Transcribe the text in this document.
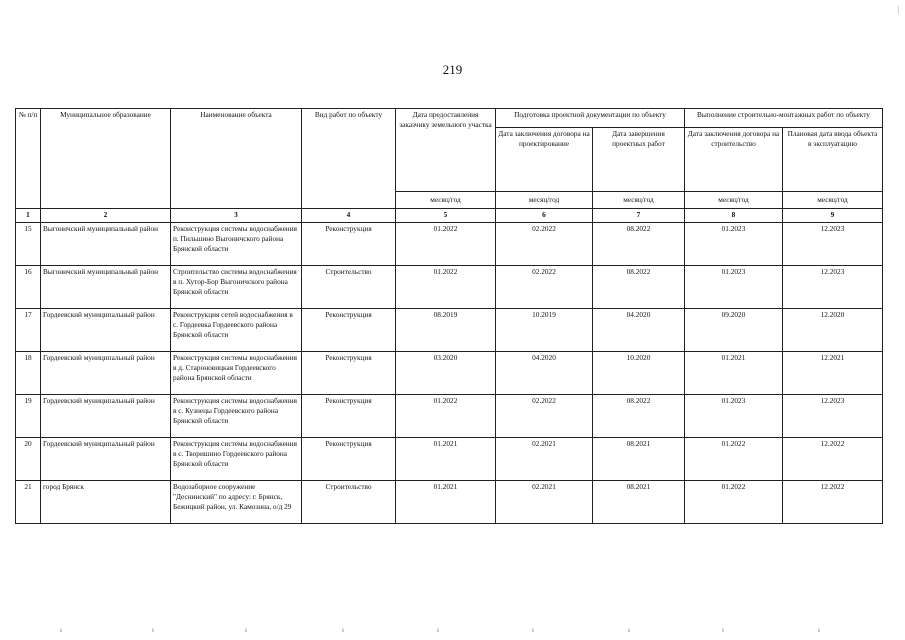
|
219
№ п/п	Муниципальное образование	Наименование объекта	Вид работ по объекту	Дата предоставления заказчику земельного участка	Подготовка проектной документации по объекту		Выполнение строительно-монтажных работ по объекту	
					Дата заключения договора на проектирование	Дата завершения проектных работ	Дата заключения договора на строительство	Плановая дата ввода объекта в эксплуатацию
				месяц/год	месяц/год	месяц/год	месяц/год	месяц/год
1	2	3	4	5	6	7	8	9
15	Выгоничский муниципальный район	Реконструкция системы водоснабжения п. Пильшино Выгоничского района Брянской области	Реконструкция	01.2022	02.2022	08.2022	01.2023	12.2023
16	Выгоничский муниципальный район	Строительство системы водоснабжения в п. Хутор-Бор Выгоничского района Брянской области	Строительство	01.2022	02.2022	08.2022	01.2023	12.2023
17	Гордеевский муниципальный район	Реконструкция сетей водоснабжения в с. Гордеевка Гордеевского района Брянской области	Реконструкция	08.2019	10.2019	04.2020	09.2020	12.2020
18	Гордеевский муниципальный район	Реконструкция системы водоснабжения в д. Староновицкая Гордеевского района Брянской области	Реконструкция	03.2020	04.2020	10.2020	01.2021	12.2021
19	Гордеевский муниципальный район	Реконструкция системы водоснабжения в с. Кузнецы Гордеевского района Брянской области	Реконструкция	01.2022	02.2022	08.2022	01.2023	12.2023
20	Гордеевский муниципальный район	Реконструкция системы водоснабжения в с. Творишино Гордеевского района Брянской области	Реконструкция	01.2021	02.2021	08.2021	01.2022	12.2022
21	город Брянск	Водозаборное сооружение "Деснинский" по адресу: г. Брянск, Бежицкий район, ул. Камозина, о/д 29	Строительство	01.2021	02.2021	08.2021	01.2022	12.2022
ı	ι	ı	ı	ı	ι	ı	ι	ı
